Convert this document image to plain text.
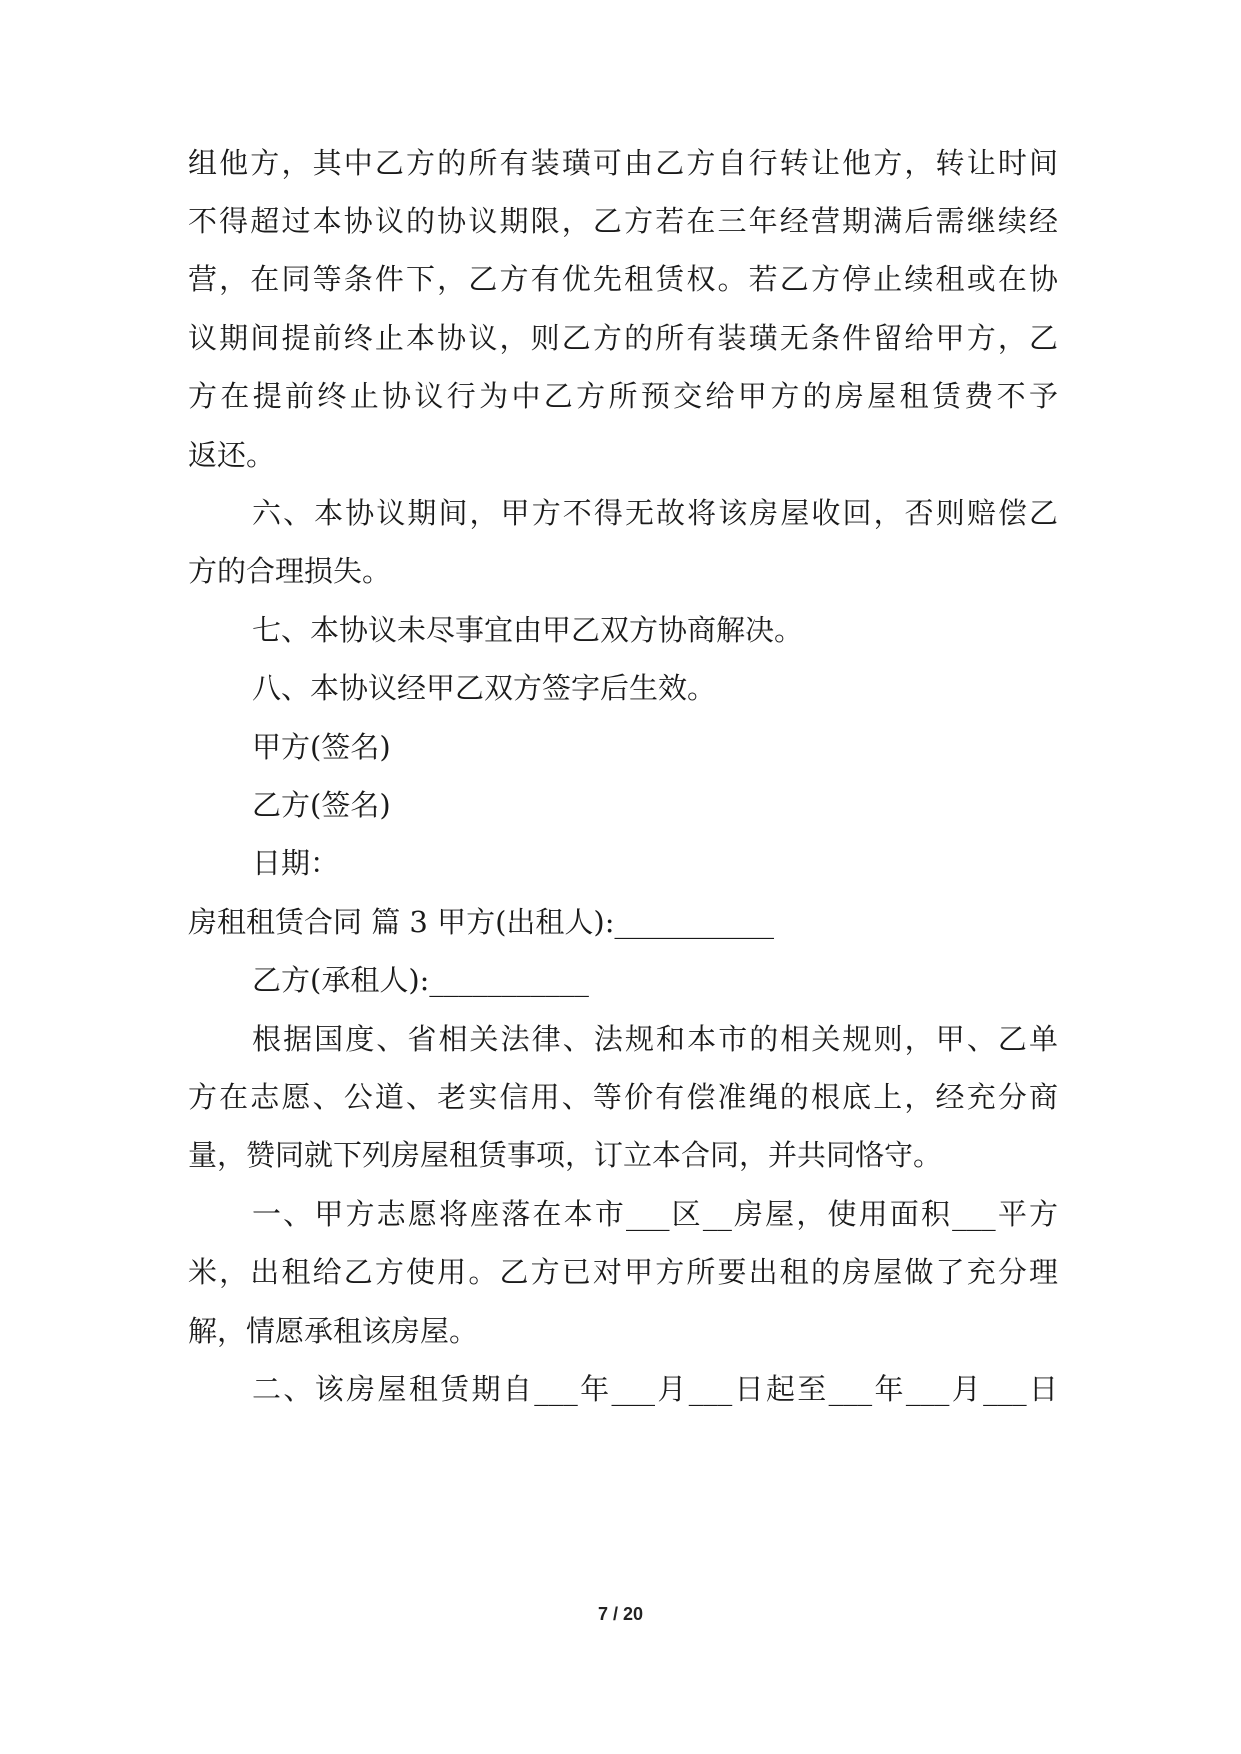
组他方，其中乙方的所有装璜可由乙方自行转让他方，转让时间
不得超过本协议的协议期限，乙方若在三年经营期满后需继续经
营，在同等条件下，乙方有优先租赁权。若乙方停止续租或在协
议期间提前终止本协议，则乙方的所有装璜无条件留给甲方，乙
方在提前终止协议行为中乙方所预交给甲方的房屋租赁费不予
返还。
六、本协议期间，甲方不得无故将该房屋收回，否则赔偿乙
方的合理损失。
七、本协议未尽事宜由甲乙双方协商解决。
八、本协议经甲乙双方签字后生效。
甲方(签名)
乙方(签名)
日期：
房租租赁合同 篇 3 甲方(出租人):___________
乙方(承租人):___________
根据国度、省相关法律、法规和本市的相关规则，甲、乙单
方在志愿、公道、老实信用、等价有偿准绳的根底上，经充分商
量，赞同就下列房屋租赁事项，订立本合同，并共同恪守。
一、甲方志愿将座落在本市___区__房屋，使用面积___平方
米，出租给乙方使用。乙方已对甲方所要出租的房屋做了充分理
解，情愿承租该房屋。
二、该房屋租赁期自___年___月___日起至___年___月___日
7 / 20
